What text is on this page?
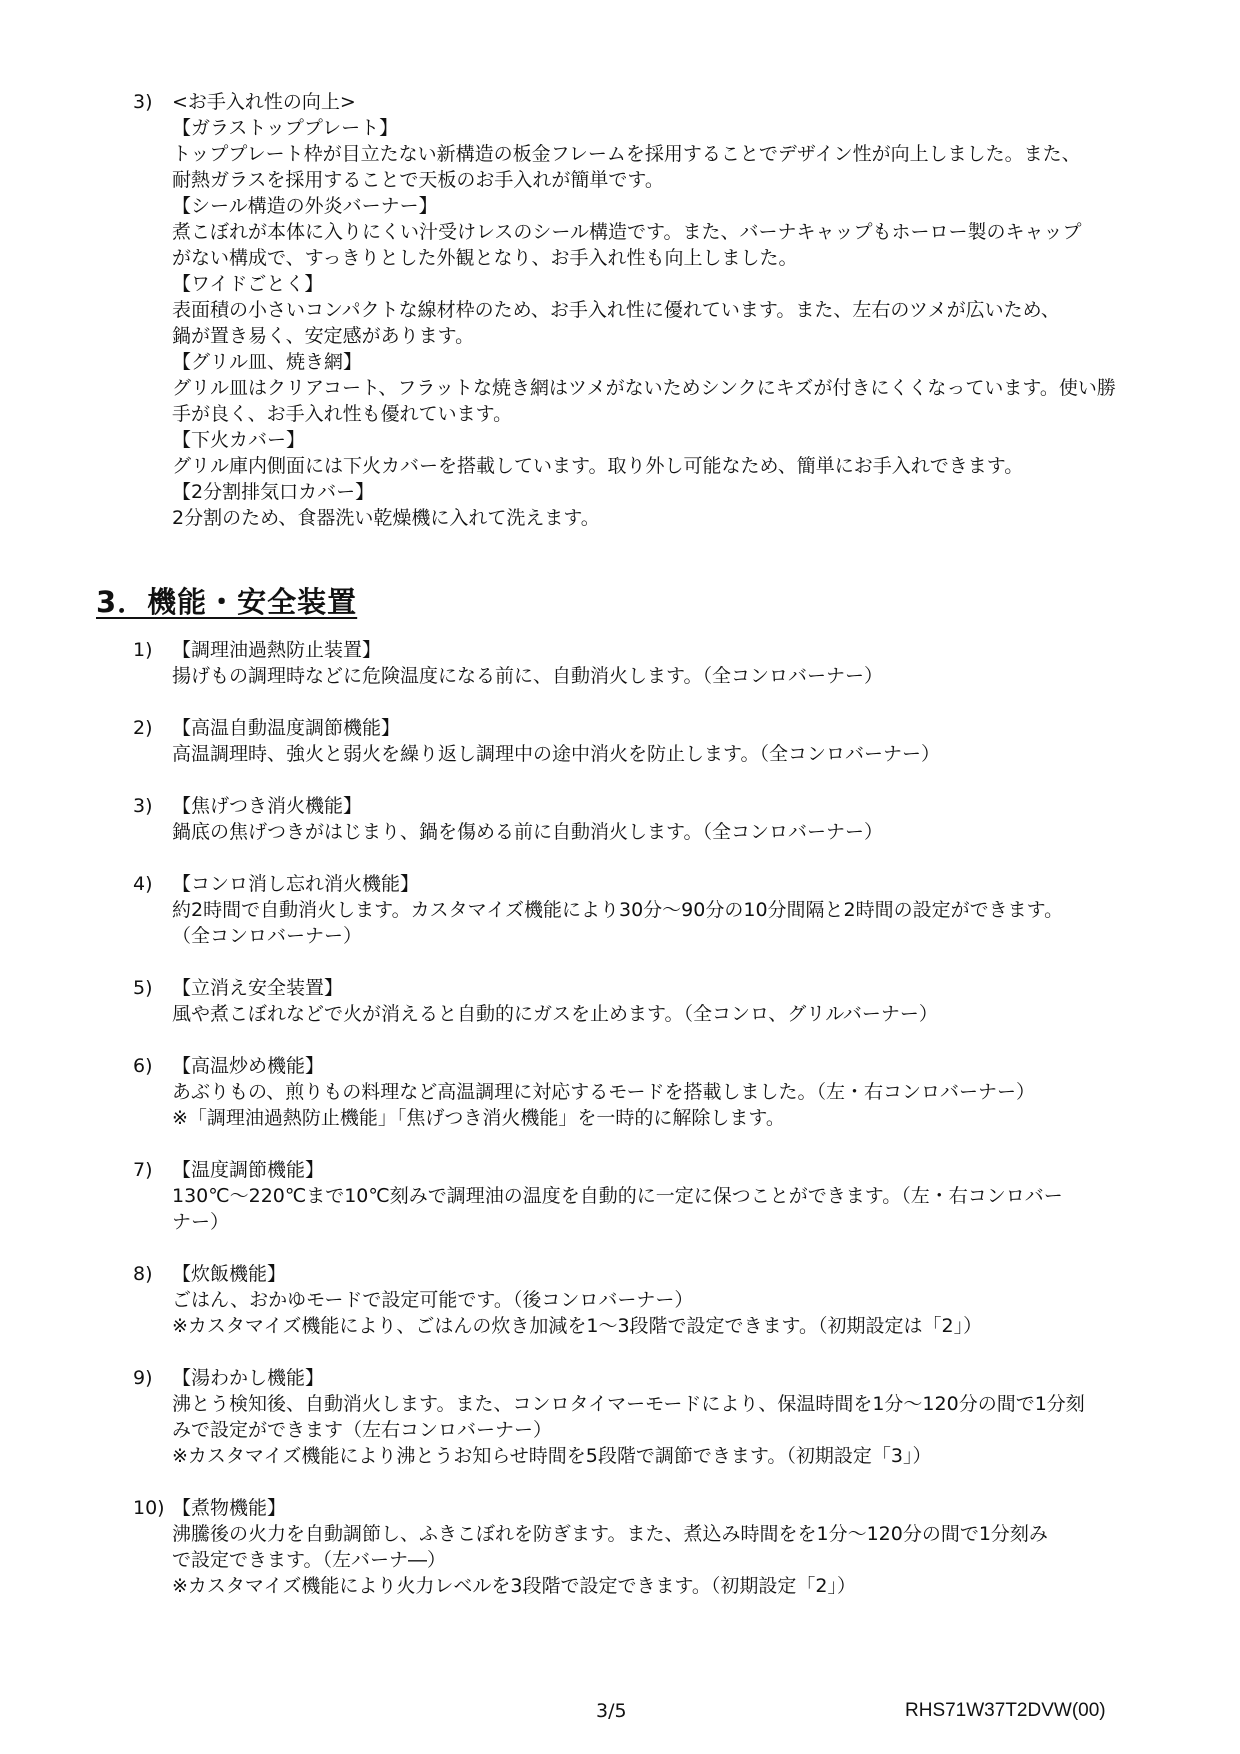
3)	<お手入れ性の向上>
【ガラストッププレート】
トッププレート枠が目立たない新構造の板金フレームを採用することでデザイン性が向上しました。また、
耐熱ガラスを採用することで天板のお手入れが簡単です。
【シール構造の外炎バーナー】
煮こぼれが本体に入りにくい汁受けレスのシール構造です。また、バーナキャップもホーロー製のキャップ
がない構成で、すっきりとした外観となり、お手入れ性も向上しました。
【ワイドごとく】
表面積の小さいコンパクトな線材枠のため、お手入れ性に優れています。また、左右のツメが広いため、
鍋が置き易く、安定感があります。
【グリル皿、焼き網】
グリル皿はクリアコート、フラットな焼き網はツメがないためシンクにキズが付きにくくなっています。使い勝
手が良く、お手入れ性も優れています。
【下火カバー】
グリル庫内側面には下火カバーを搭載しています。取り外し可能なため、簡単にお手入れできます。
【2分割排気口カバー】
2分割のため、食器洗い乾燥機に入れて洗えます。
3．機能・安全装置
1)	【調理油過熱防止装置】
揚げもの調理時などに危険温度になる前に、自動消火します。（全コンロバーナー）
2)	【高温自動温度調節機能】
高温調理時、強火と弱火を繰り返し調理中の途中消火を防止します。（全コンロバーナー）
3)	【焦げつき消火機能】
鍋底の焦げつきがはじまり、鍋を傷める前に自動消火します。（全コンロバーナー）
4)	【コンロ消し忘れ消火機能】
約2時間で自動消火します。カスタマイズ機能により30分～90分の10分間隔と2時間の設定ができます。
（全コンロバーナー）
5)	【立消え安全装置】
風や煮こぼれなどで火が消えると自動的にガスを止めます。（全コンロ、グリルバーナー）
6)	【高温炒め機能】
あぶりもの、煎りもの料理など高温調理に対応するモードを搭載しました。（左・右コンロバーナー）
※「調理油過熱防止機能」「焦げつき消火機能」を一時的に解除します。
7)	【温度調節機能】
130℃～220℃まで10℃刻みで調理油の温度を自動的に一定に保つことができます。（左・右コンロバー
ナー）
8)	【炊飯機能】
ごはん、おかゆモードで設定可能です。（後コンロバーナー）
※カスタマイズ機能により、ごはんの炊き加減を1～3段階で設定できます。（初期設定は「2」）
9)	【湯わかし機能】
沸とう検知後、自動消火します。また、コンロタイマーモードにより、保温時間を1分～120分の間で1分刻
みで設定ができます（左右コンロバーナー）
※カスタマイズ機能により沸とうお知らせ時間を5段階で調節できます。（初期設定「3」）
10) 【煮物機能】
沸騰後の火力を自動調節し、ふきこぼれを防ぎます。また、煮込み時間をを1分～120分の間で1分刻み
で設定できます。（左バーナ―）
※カスタマイズ機能により火力レベルを3段階で設定できます。（初期設定「2」）
3/5	RHS71W37T2DVW(00)
